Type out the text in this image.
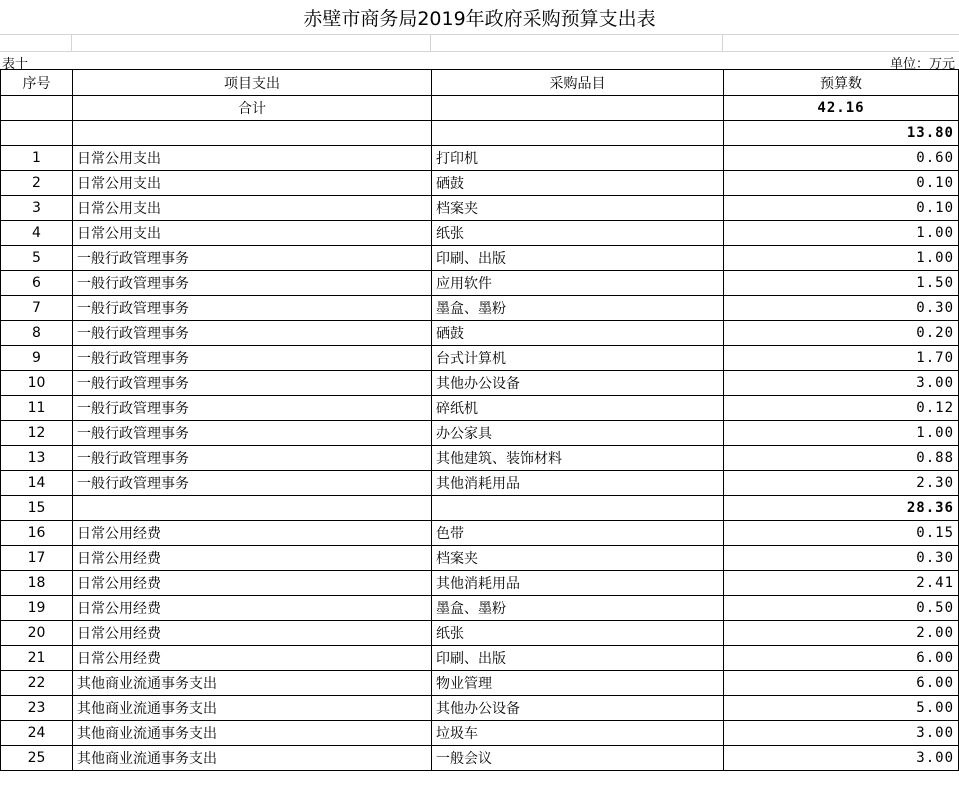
赤壁市商务局2019年政府采购预算支出表
表十	单位：万元
序号	项目支出	采购品目	预算数
	合计		42.16
			13.80
1	日常公用支出	打印机	0.60
2	日常公用支出	硒鼓	0.10
3	日常公用支出	档案夹	0.10
4	日常公用支出	纸张	1.00
5	一般行政管理事务	印刷、出版	1.00
6	一般行政管理事务	应用软件	1.50
7	一般行政管理事务	墨盒、墨粉	0.30
8	一般行政管理事务	硒鼓	0.20
9	一般行政管理事务	台式计算机	1.70
10	一般行政管理事务	其他办公设备	3.00
11	一般行政管理事务	碎纸机	0.12
12	一般行政管理事务	办公家具	1.00
13	一般行政管理事务	其他建筑、装饰材料	0.88
14	一般行政管理事务	其他消耗用品	2.30
15			28.36
16	日常公用经费	色带	0.15
17	日常公用经费	档案夹	0.30
18	日常公用经费	其他消耗用品	2.41
19	日常公用经费	墨盒、墨粉	0.50
20	日常公用经费	纸张	2.00
21	日常公用经费	印刷、出版	6.00
22	其他商业流通事务支出	物业管理	6.00
23	其他商业流通事务支出	其他办公设备	5.00
24	其他商业流通事务支出	垃圾车	3.00
25	其他商业流通事务支出	一般会议	3.00
